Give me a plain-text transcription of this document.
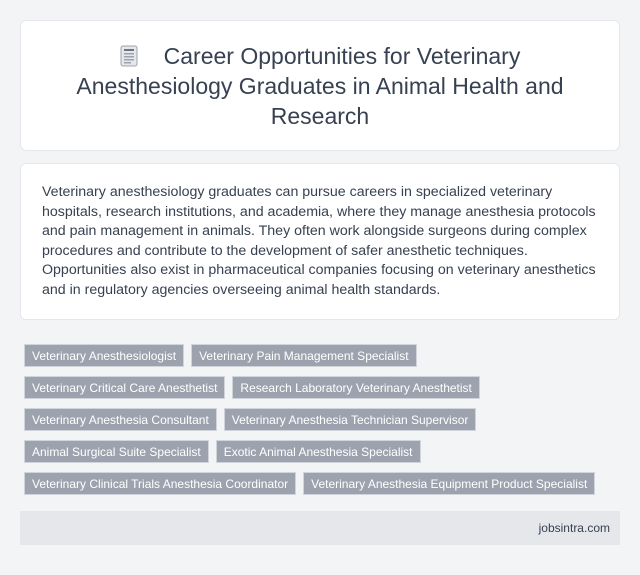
Career Opportunities for Veterinary Anesthesiology Graduates in Animal Health and Research

Veterinary anesthesiology graduates can pursue careers in specialized veterinary hospitals, research institutions, and academia, where they manage anesthesia protocols and pain management in animals. They often work alongside surgeons during complex procedures and contribute to the development of safer anesthetic techniques. Opportunities also exist in pharmaceutical companies focusing on veterinary anesthetics and in regulatory agencies overseeing animal health standards.

Veterinary Anesthesiologist	Veterinary Pain Management Specialist
Veterinary Critical Care Anesthetist	Research Laboratory Veterinary Anesthetist
Veterinary Anesthesia Consultant	Veterinary Anesthesia Technician Supervisor
Animal Surgical Suite Specialist	Exotic Animal Anesthesia Specialist
Veterinary Clinical Trials Anesthesia Coordinator	Veterinary Anesthesia Equipment Product Specialist
jobsintra.com
